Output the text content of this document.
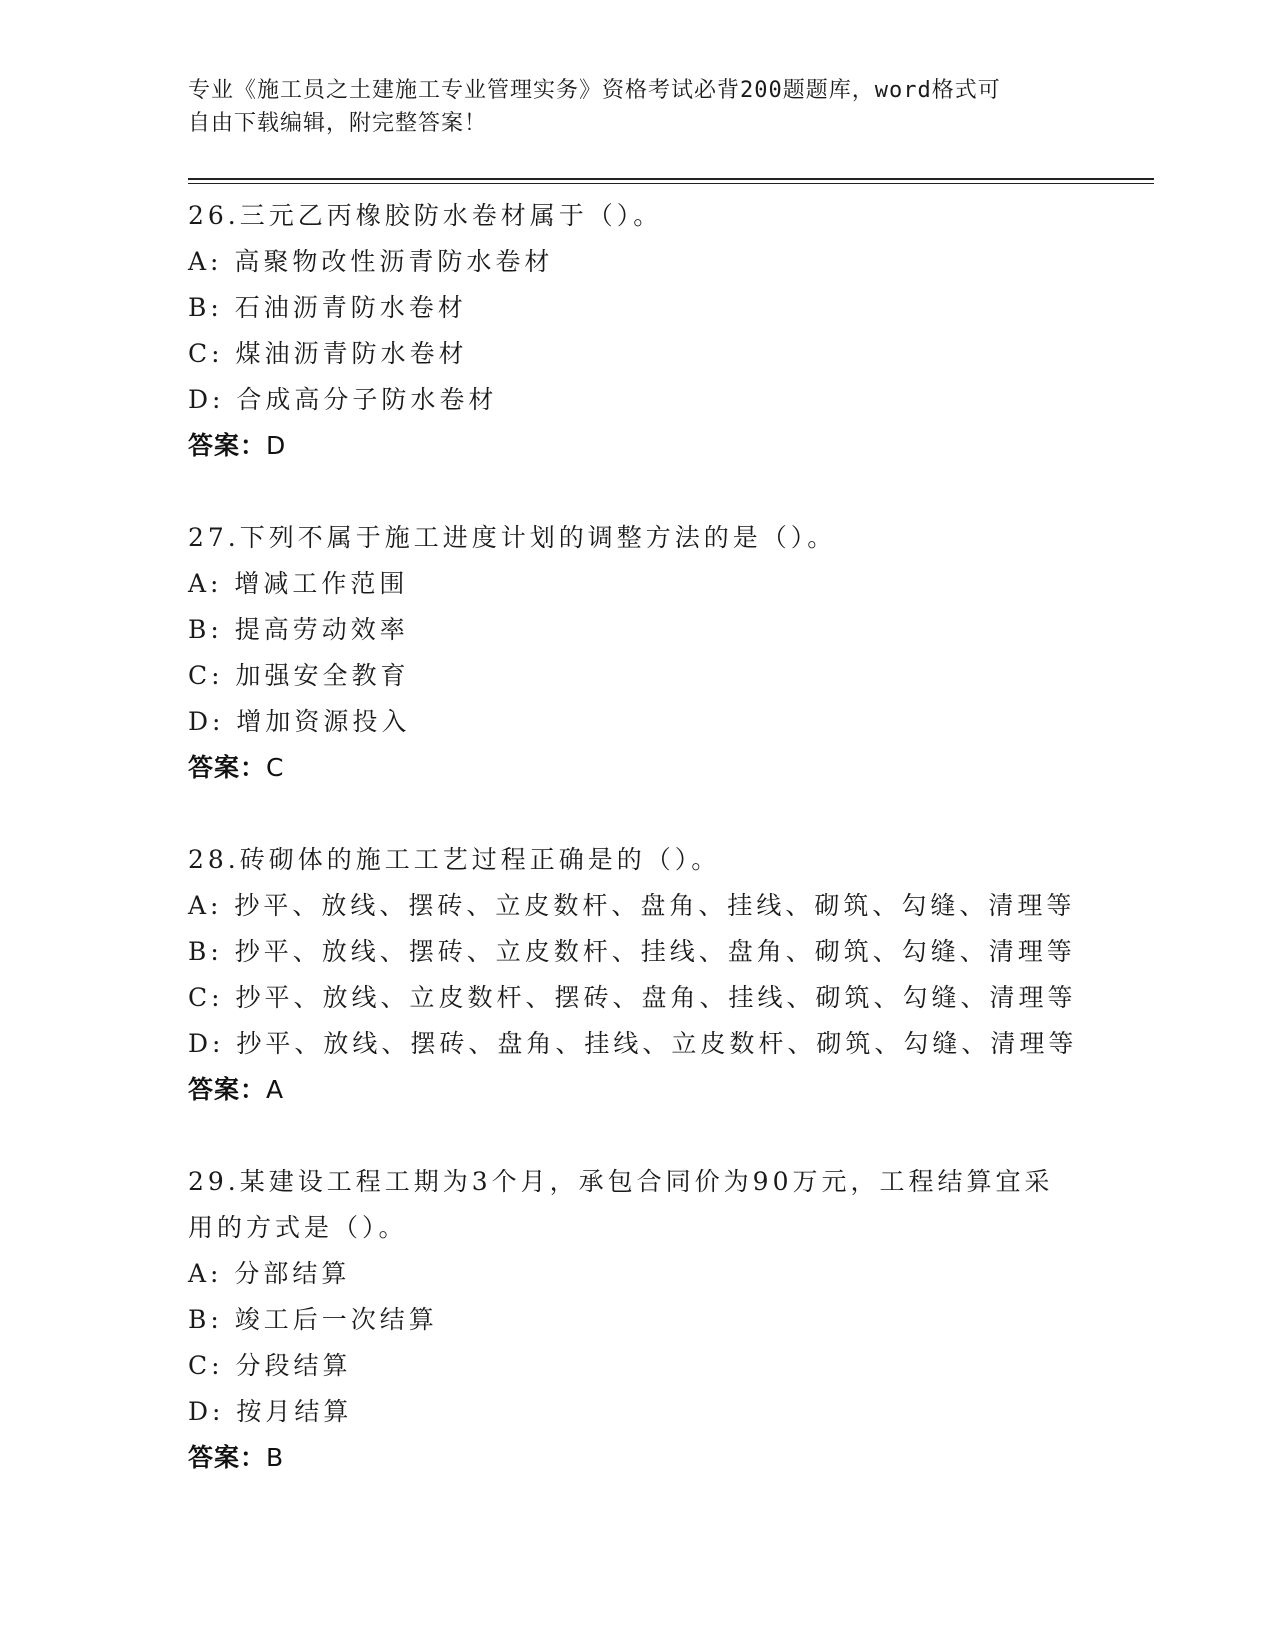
专业《施工员之土建施工专业管理实务》资格考试必背200题题库，word格式可
自由下载编辑，附完整答案！
26.三元乙丙橡胶防水卷材属于（）。
A: 高聚物改性沥青防水卷材
B: 石油沥青防水卷材
C: 煤油沥青防水卷材
D: 合成高分子防水卷材
答案：D
27.下列不属于施工进度计划的调整方法的是（）。
A: 增减工作范围
B: 提高劳动效率
C: 加强安全教育
D: 增加资源投入
答案：C
28.砖砌体的施工工艺过程正确是的（）。
A: 抄平、放线、摆砖、立皮数杆、盘角、挂线、砌筑、勾缝、清理等
B: 抄平、放线、摆砖、立皮数杆、挂线、盘角、砌筑、勾缝、清理等
C: 抄平、放线、立皮数杆、摆砖、盘角、挂线、砌筑、勾缝、清理等
D: 抄平、放线、摆砖、盘角、挂线、立皮数杆、砌筑、勾缝、清理等
答案：A
29.某建设工程工期为3个月，承包合同价为90万元，工程结算宜采
用的方式是（）。
A: 分部结算
B: 竣工后一次结算
C: 分段结算
D: 按月结算
答案：B
